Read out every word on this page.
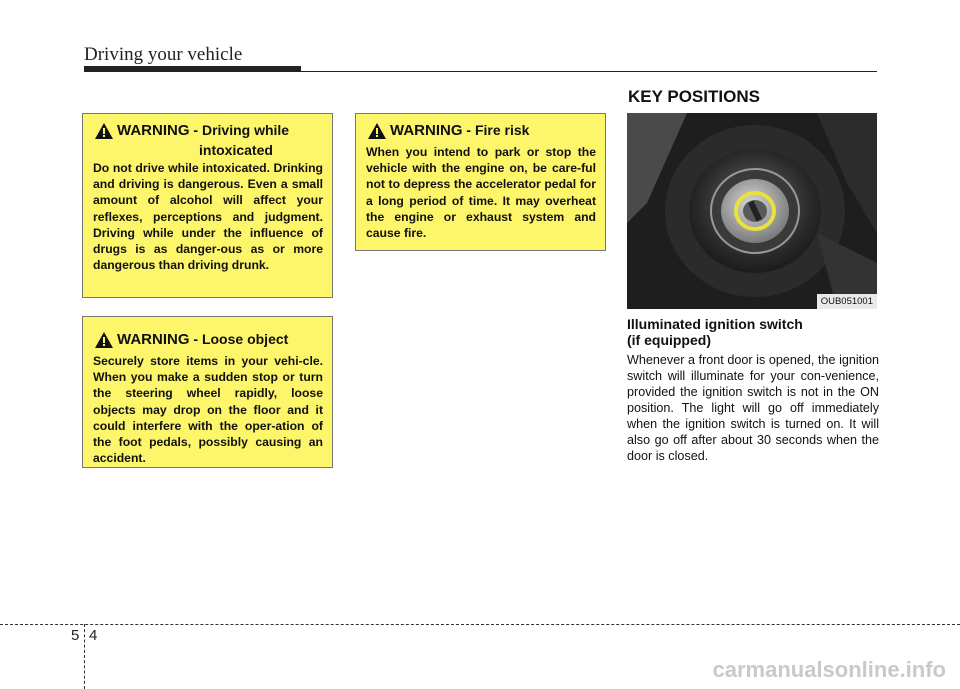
Driving your vehicle
KEY POSITIONS
WARNING - Driving while
intoxicated
Do not drive while intoxicated. Drinking and driving is dangerous. Even a small amount of alcohol will affect your reflexes, perceptions and judgment. Driving while under the influence of drugs is as danger-ous as or more dangerous than driving drunk.
WARNING - Fire risk
When you intend to park or stop the vehicle with the engine on, be care-ful not to depress the accelerator pedal for a long period of time. It may overheat the engine or exhaust system and cause fire.
WARNING - Loose object
Securely store items in your vehi-cle. When you make a sudden stop or turn the steering wheel rapidly, loose objects may drop on the floor and it could interfere with the oper-ation of the foot pedals, possibly causing an accident.
OUB051001
Illuminated ignition switch
(if equipped)
Whenever a front door is opened, the ignition switch will illuminate for your con-venience, provided the ignition switch is not in the ON position. The light will go off immediately when the ignition switch is turned on. It will also go off after about 30 seconds when the door is closed.
5 4
carmanualsonline.info
